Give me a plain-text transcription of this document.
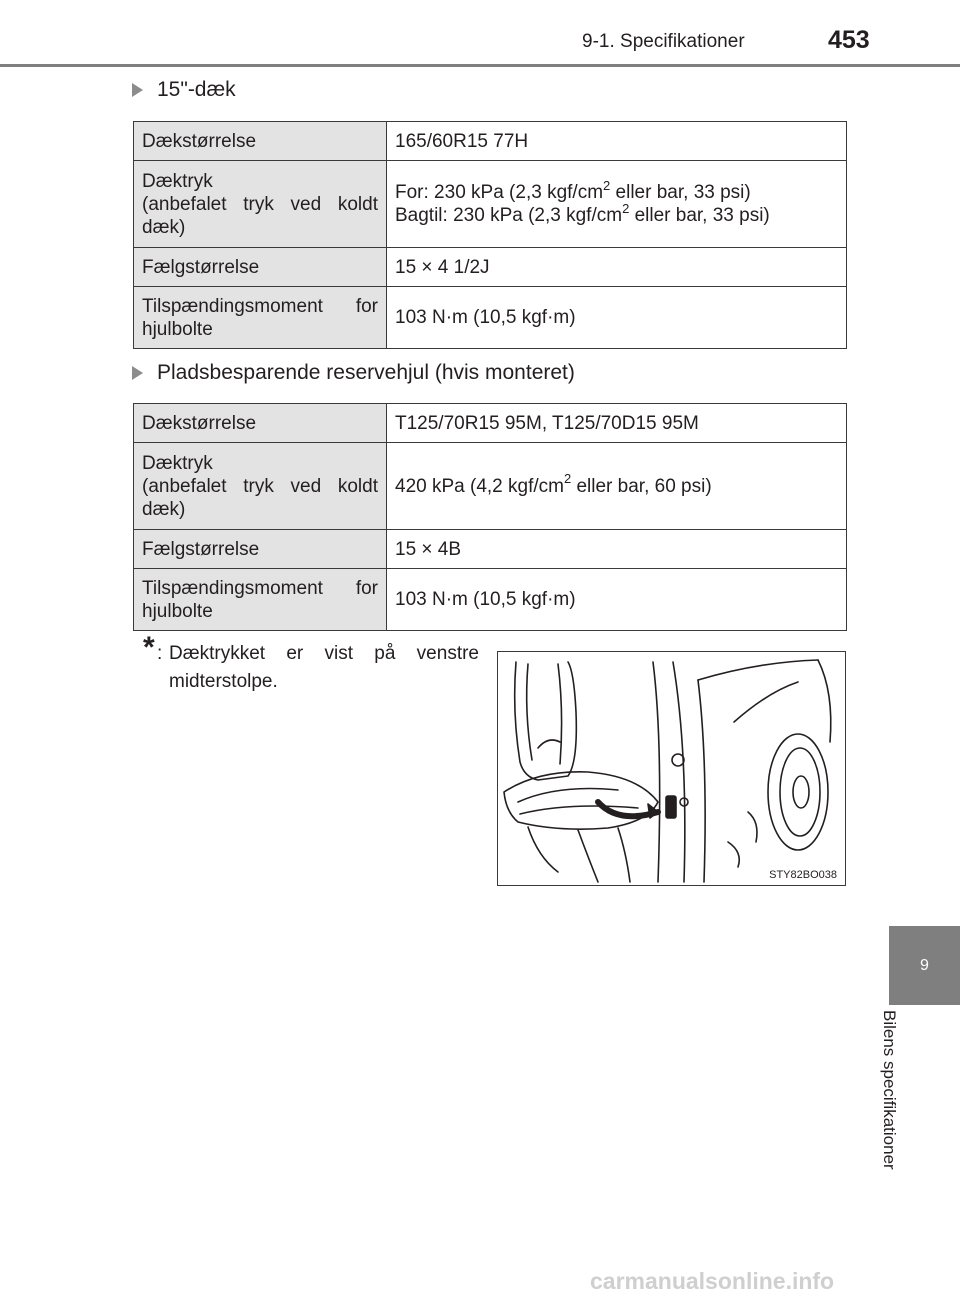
9-1. Specifikationer	453
15"-dæk
Dækstørrelse	165/60R15 77H
Dæktryk
(anbefalet tryk ved koldt dæk)	For: 230 kPa (2,3 kgf/$cm^2$ eller bar, 33 psi)
Bagtil: 230 kPa (2,3 kgf/$cm^2$ eller bar, 33 psi)
Fælgstørrelse	15 × 4 1/2J
Tilspændingsmoment for hjulbolte	103 N·m (10,5 kgf·m)
Pladsbesparende reservehjul (hvis monteret)
Dækstørrelse	T125/70R15 95M, T125/70D15 95M
Dæktryk
(anbefalet tryk ved koldt dæk)	420 kPa (4,2 kgf/$cm^2$ eller bar, 60 psi)
Fælgstørrelse	15 × 4B
Tilspændingsmoment for hjulbolte	103 N·m (10,5 kgf·m)
* : Dæktrykket er vist på venstre
midterstolpe.
STY82BO038
9
Bilens specifikationer
carmanualsonline.info
